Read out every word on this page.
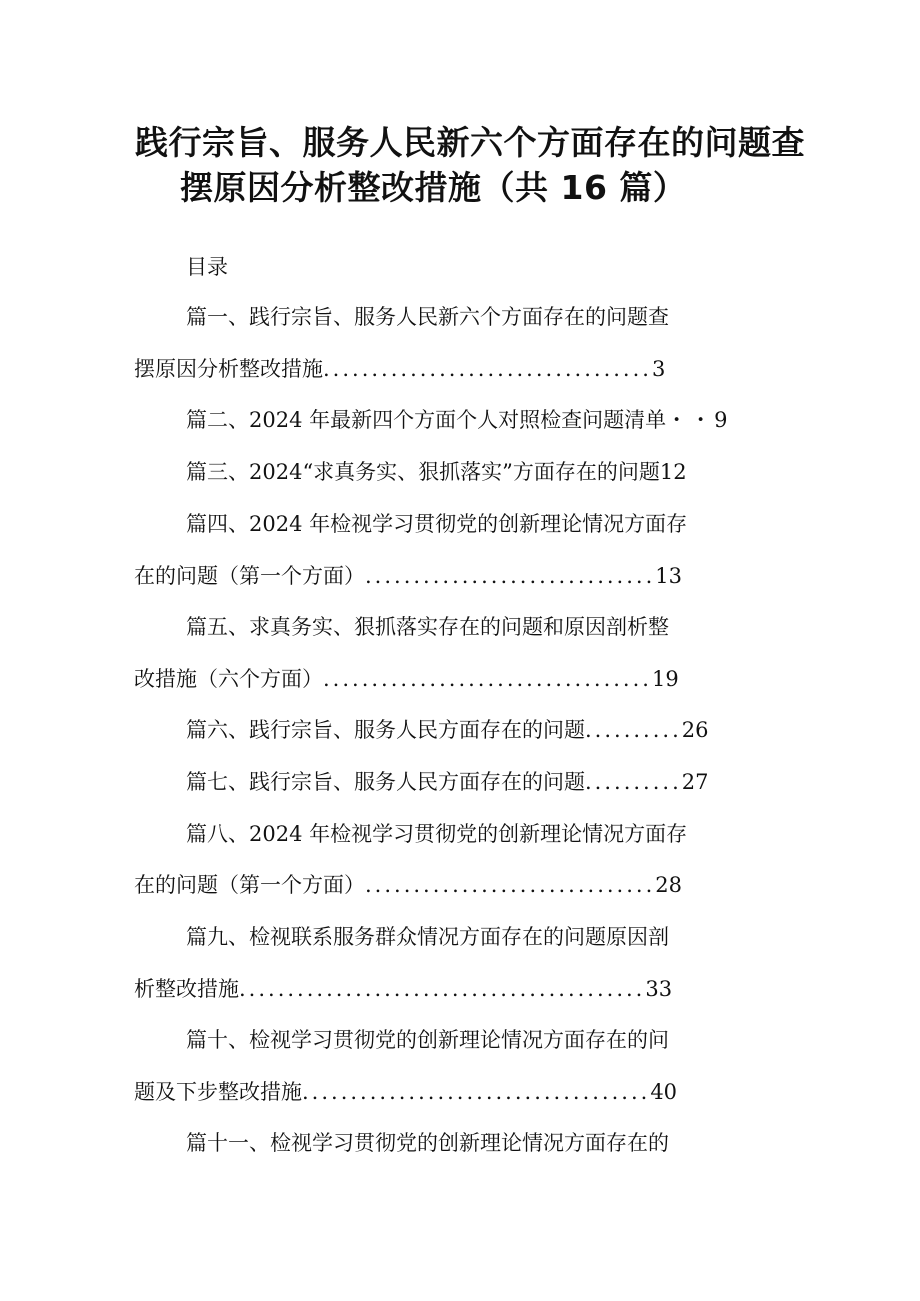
践行宗旨、服务人民新六个方面存在的问题查
摆原因分析整改措施（共 16 篇）
目录
篇一、践行宗旨、服务人民新六个方面存在的问题查
摆原因分析整改措施..................................3
篇二、2024 年最新四个方面个人对照检查问题清单・・9
篇三、2024“求真务实、狠抓落实”方面存在的问题12
篇四、2024 年检视学习贯彻党的创新理论情况方面存
在的问题（第一个方面）..............................13
篇五、求真务实、狠抓落实存在的问题和原因剖析整
改措施（六个方面）..................................19
篇六、践行宗旨、服务人民方面存在的问题..........26
篇七、践行宗旨、服务人民方面存在的问题..........27
篇八、2024 年检视学习贯彻党的创新理论情况方面存
在的问题（第一个方面）..............................28
篇九、检视联系服务群众情况方面存在的问题原因剖
析整改措施..........................................33
篇十、检视学习贯彻党的创新理论情况方面存在的问
题及下步整改措施....................................40
篇十一、检视学习贯彻党的创新理论情况方面存在的
